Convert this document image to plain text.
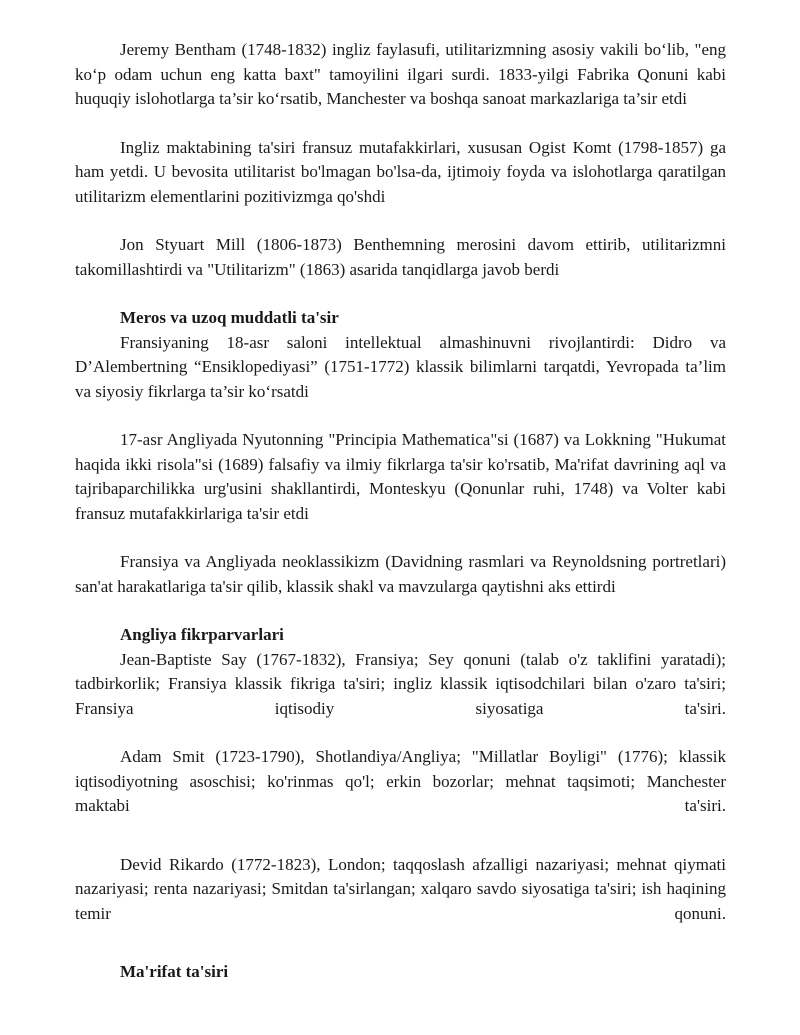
Jeremy Bentham (1748-1832) ingliz faylasufi, utilitarizmning asosiy vakili bo‘lib, "eng ko‘p odam uchun eng katta baxt" tamoyilini ilgari surdi. 1833-yilgi Fabrika Qonuni kabi huquqiy islohotlarga ta’sir ko‘rsatib, Manchester va boshqa sanoat markazlariga ta’sir etdi

Ingliz maktabining ta'siri fransuz mutafakkirlari, xususan Ogist Komt (1798-1857) ga ham yetdi. U bevosita utilitarist bo'lmagan bo'lsa-da, ijtimoiy foyda va islohotlarga qaratilgan utilitarizm elementlarini pozitivizmga qo'shdi

Jon Styuart Mill (1806-1873) Benthemning merosini davom ettirib, utilitarizmni takomillashtirdi va "Utilitarizm" (1863) asarida tanqidlarga javob berdi

Meros va uzoq muddatli ta'sir

Fransiyaning 18-asr saloni intellektual almashinuvni rivojlantirdi: Didro va D’Alembertning “Ensiklopediyasi” (1751-1772) klassik bilimlarni tarqatdi, Yevropada ta’lim va siyosiy fikrlarga ta’sir ko‘rsatdi

17-asr Angliyada Nyutonning "Principia Mathematica"si (1687) va Lokkning "Hukumat haqida ikki risola"si (1689) falsafiy va ilmiy fikrlarga ta'sir ko'rsatib, Ma'rifat davrining aql va tajribaparchilikka urg'usini shakllantirdi, Monteskyu (Qonunlar ruhi, 1748) va Volter kabi fransuz mutafakkirlariga ta'sir etdi

Fransiya va Angliyada neoklassikizm (Davidning rasmlari va Reynoldsning portretlari) san'at harakatlariga ta'sir qilib, klassik shakl va mavzularga qaytishni aks ettirdi

Angliya fikrparvarlari

Jean-Baptiste Say (1767-1832), Fransiya; Sey qonuni (talab o'z taklifini yaratadi); tadbirkorlik; Fransiya klassik fikriga ta'siri; ingliz klassik iqtisodchilari bilan o'zaro ta'siri; Fransiya iqtisodiy siyosatiga ta'siri.

Adam Smit (1723-1790), Shotlandiya/Angliya; "Millatlar Boyligi" (1776); klassik iqtisodiyotning asoschisi; ko'rinmas qo'l; erkin bozorlar; mehnat taqsimoti; Manchester maktabi ta'siri.

Devid Rikardo (1772-1823), London; taqqoslash afzalligi nazariyasi; mehnat qiymati nazariyasi; renta nazariyasi; Smitdan ta'sirlangan; xalqaro savdo siyosatiga ta'siri; ish haqining temir qonuni.

Ma'rifat ta'siri
